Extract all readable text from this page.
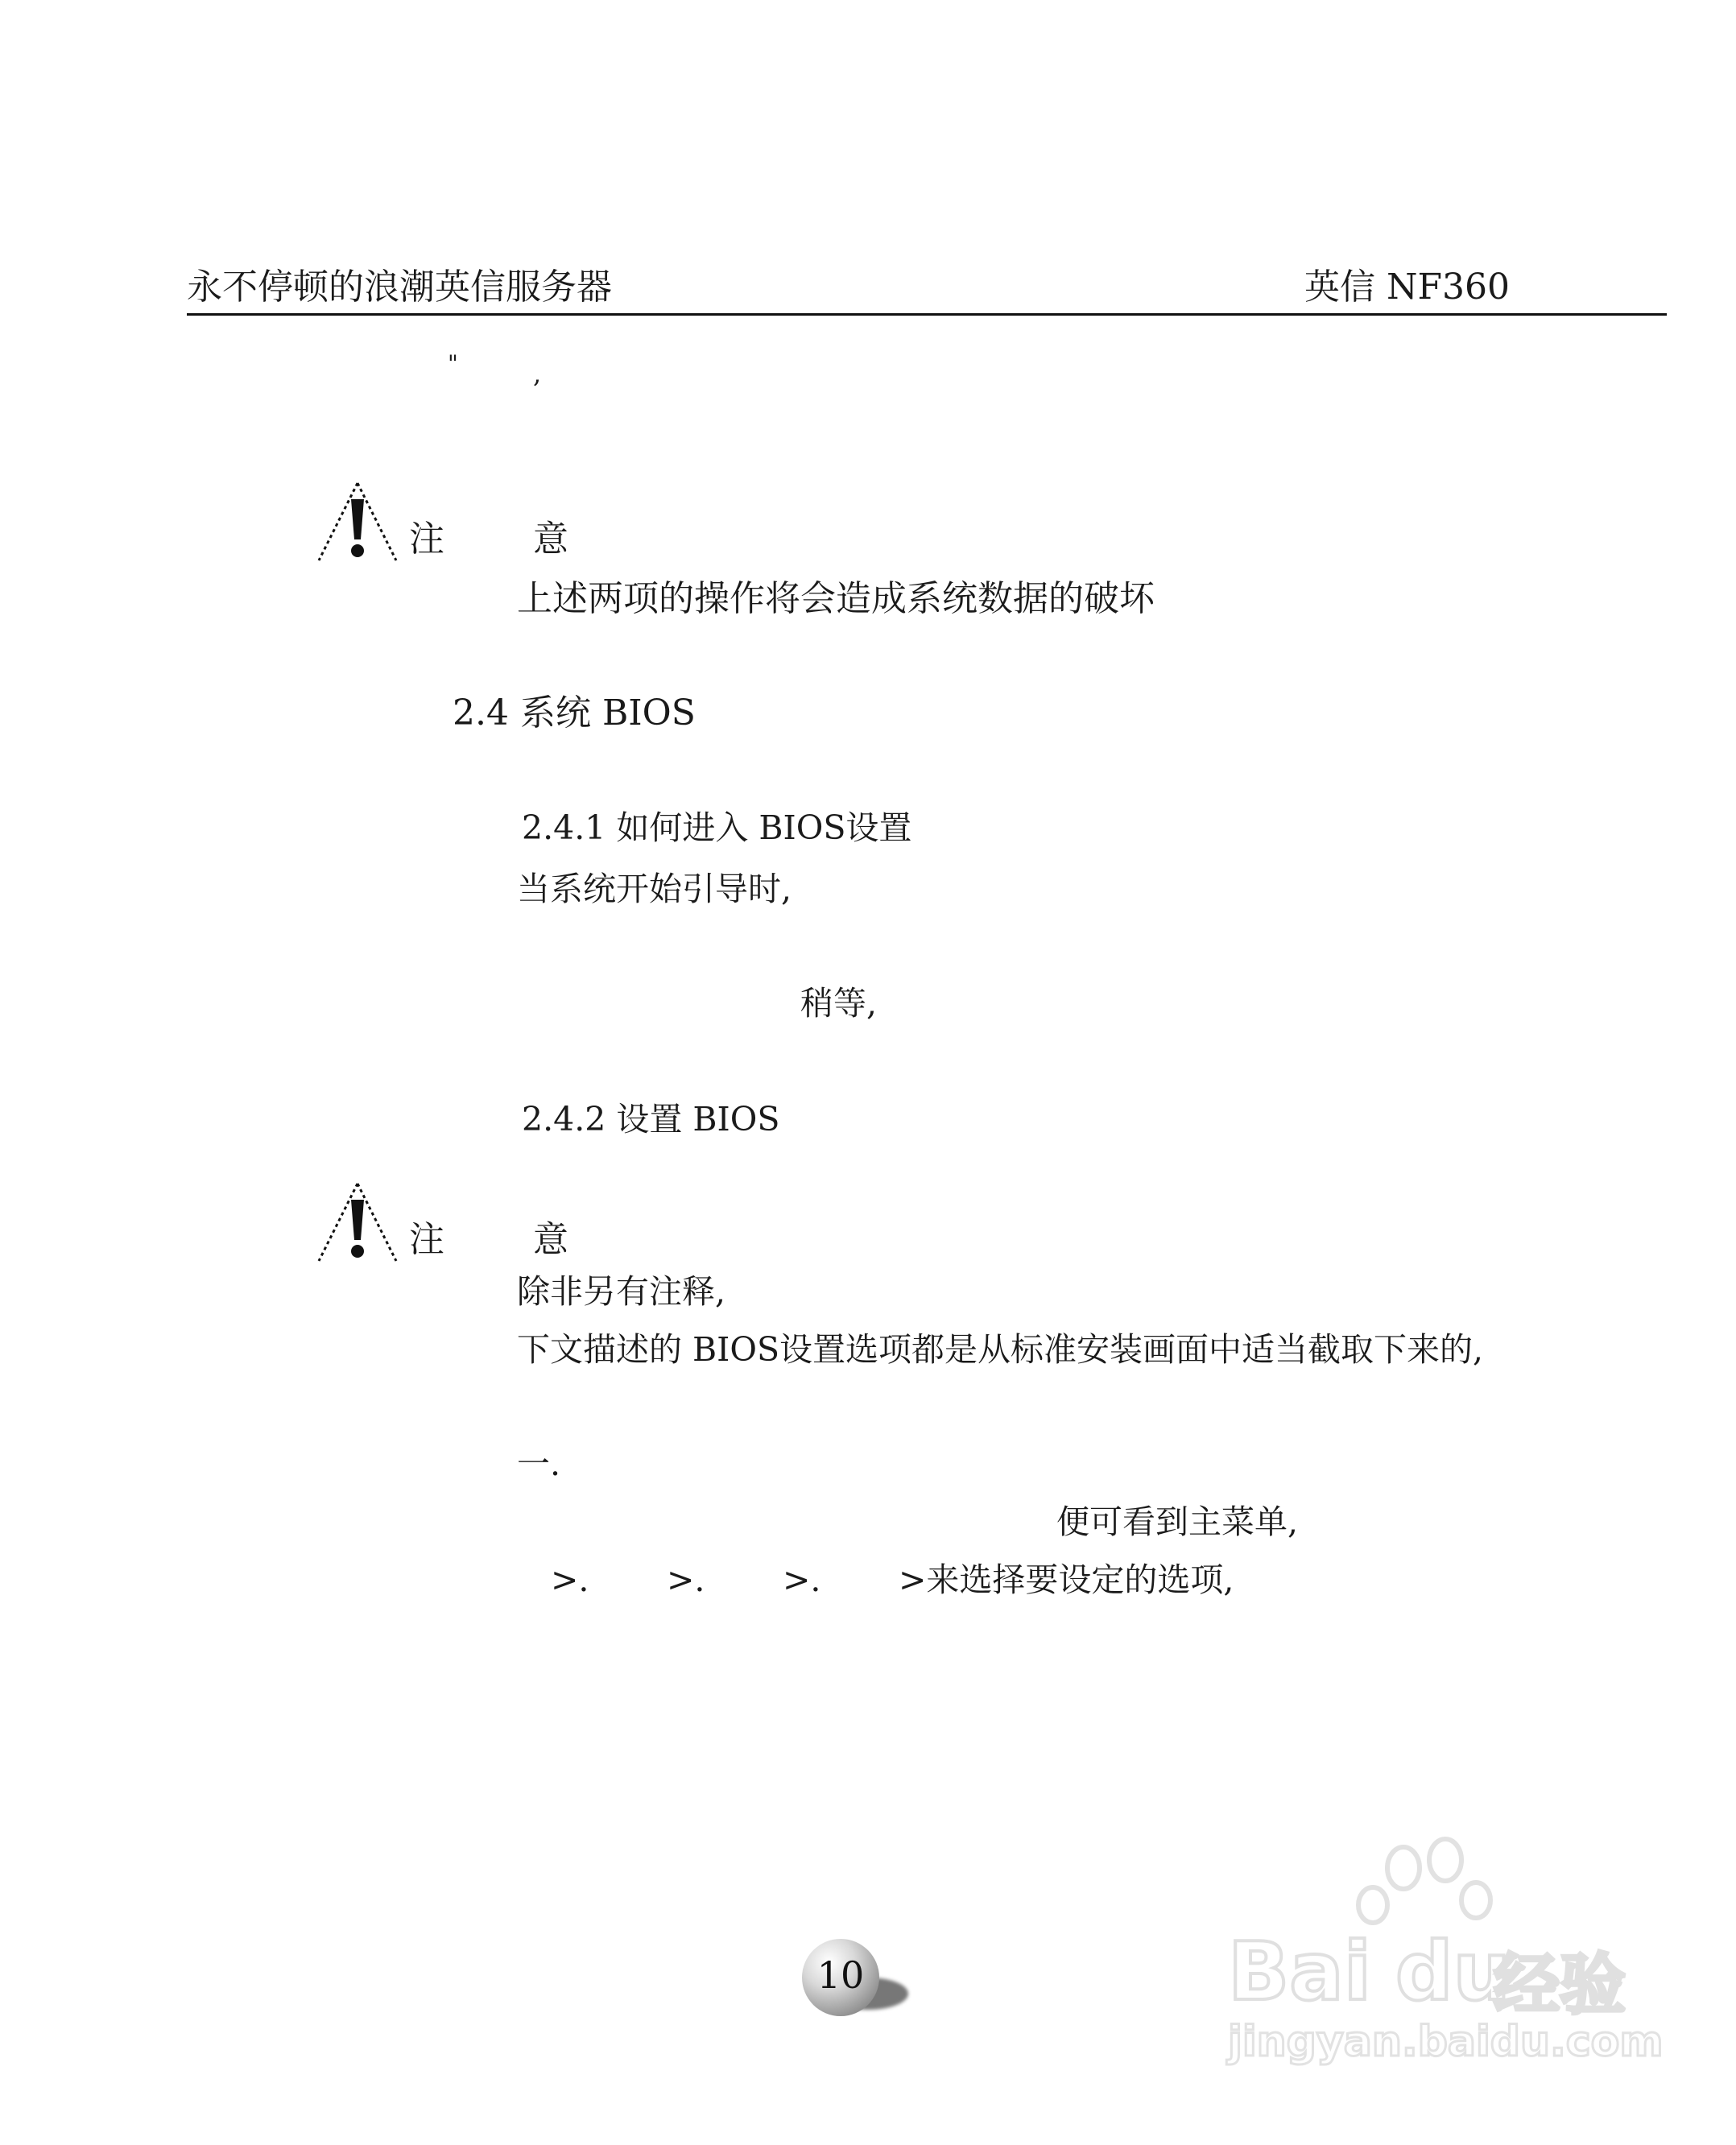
永不停顿的浪潮英信服务器	英信 NF360
"	,
注 意
上述两项的操作将会造成系统数据的破坏
2.4 系统 BIOS
2.4.1 如何进入 BIOS设置
当系统开始引导时,
稍等,
2.4.2 设置 BIOS
注 意
除非另有注释,
下文描述的 BIOS设置选项都是从标准安装画面中适当截取下来的,
一.
便可看到主菜单,
>. >. >. >来选择要设定的选项,
10	Bai du
经验
jingyan.baidu.com
